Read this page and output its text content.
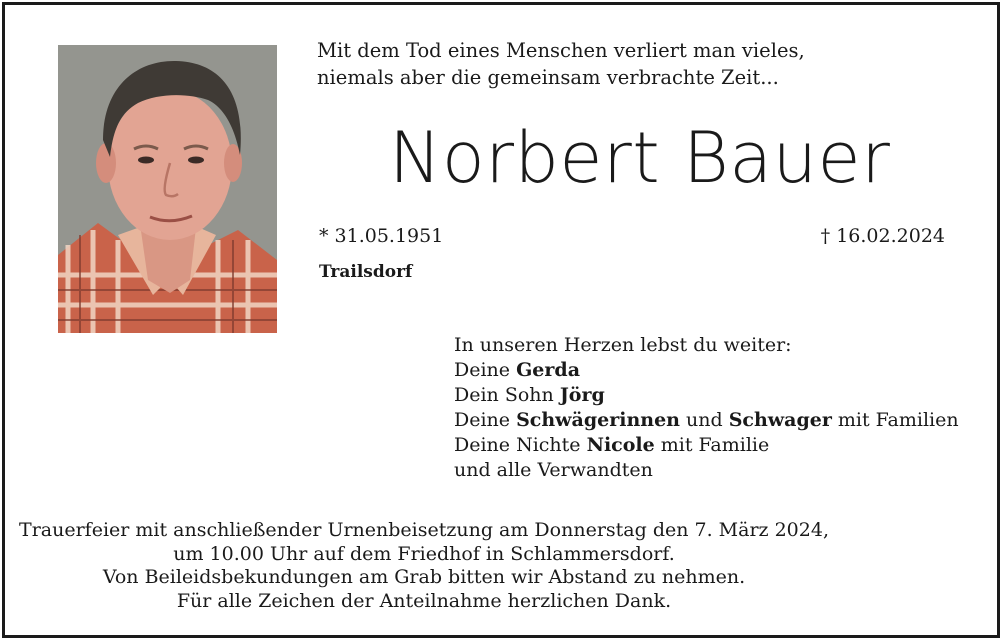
Mit dem Tod eines Menschen verliert man vieles,
niemals aber die gemeinsam verbrachte Zeit...
Norbert Bauer
* 31.05.1951	† 16.02.2024
Trailsdorf
In unseren Herzen lebst du weiter:
Deine Gerda
Dein Sohn Jörg
Deine Schwägerinnen und Schwager mit Familien
Deine Nichte Nicole mit Familie
und alle Verwandten
Trauerfeier mit anschließender Urnenbeisetzung am Donnerstag den 7. März 2024,
um 10.00 Uhr auf dem Friedhof in Schlammersdorf.
Von Beileidsbekundungen am Grab bitten wir Abstand zu nehmen.
Für alle Zeichen der Anteilnahme herzlichen Dank.
